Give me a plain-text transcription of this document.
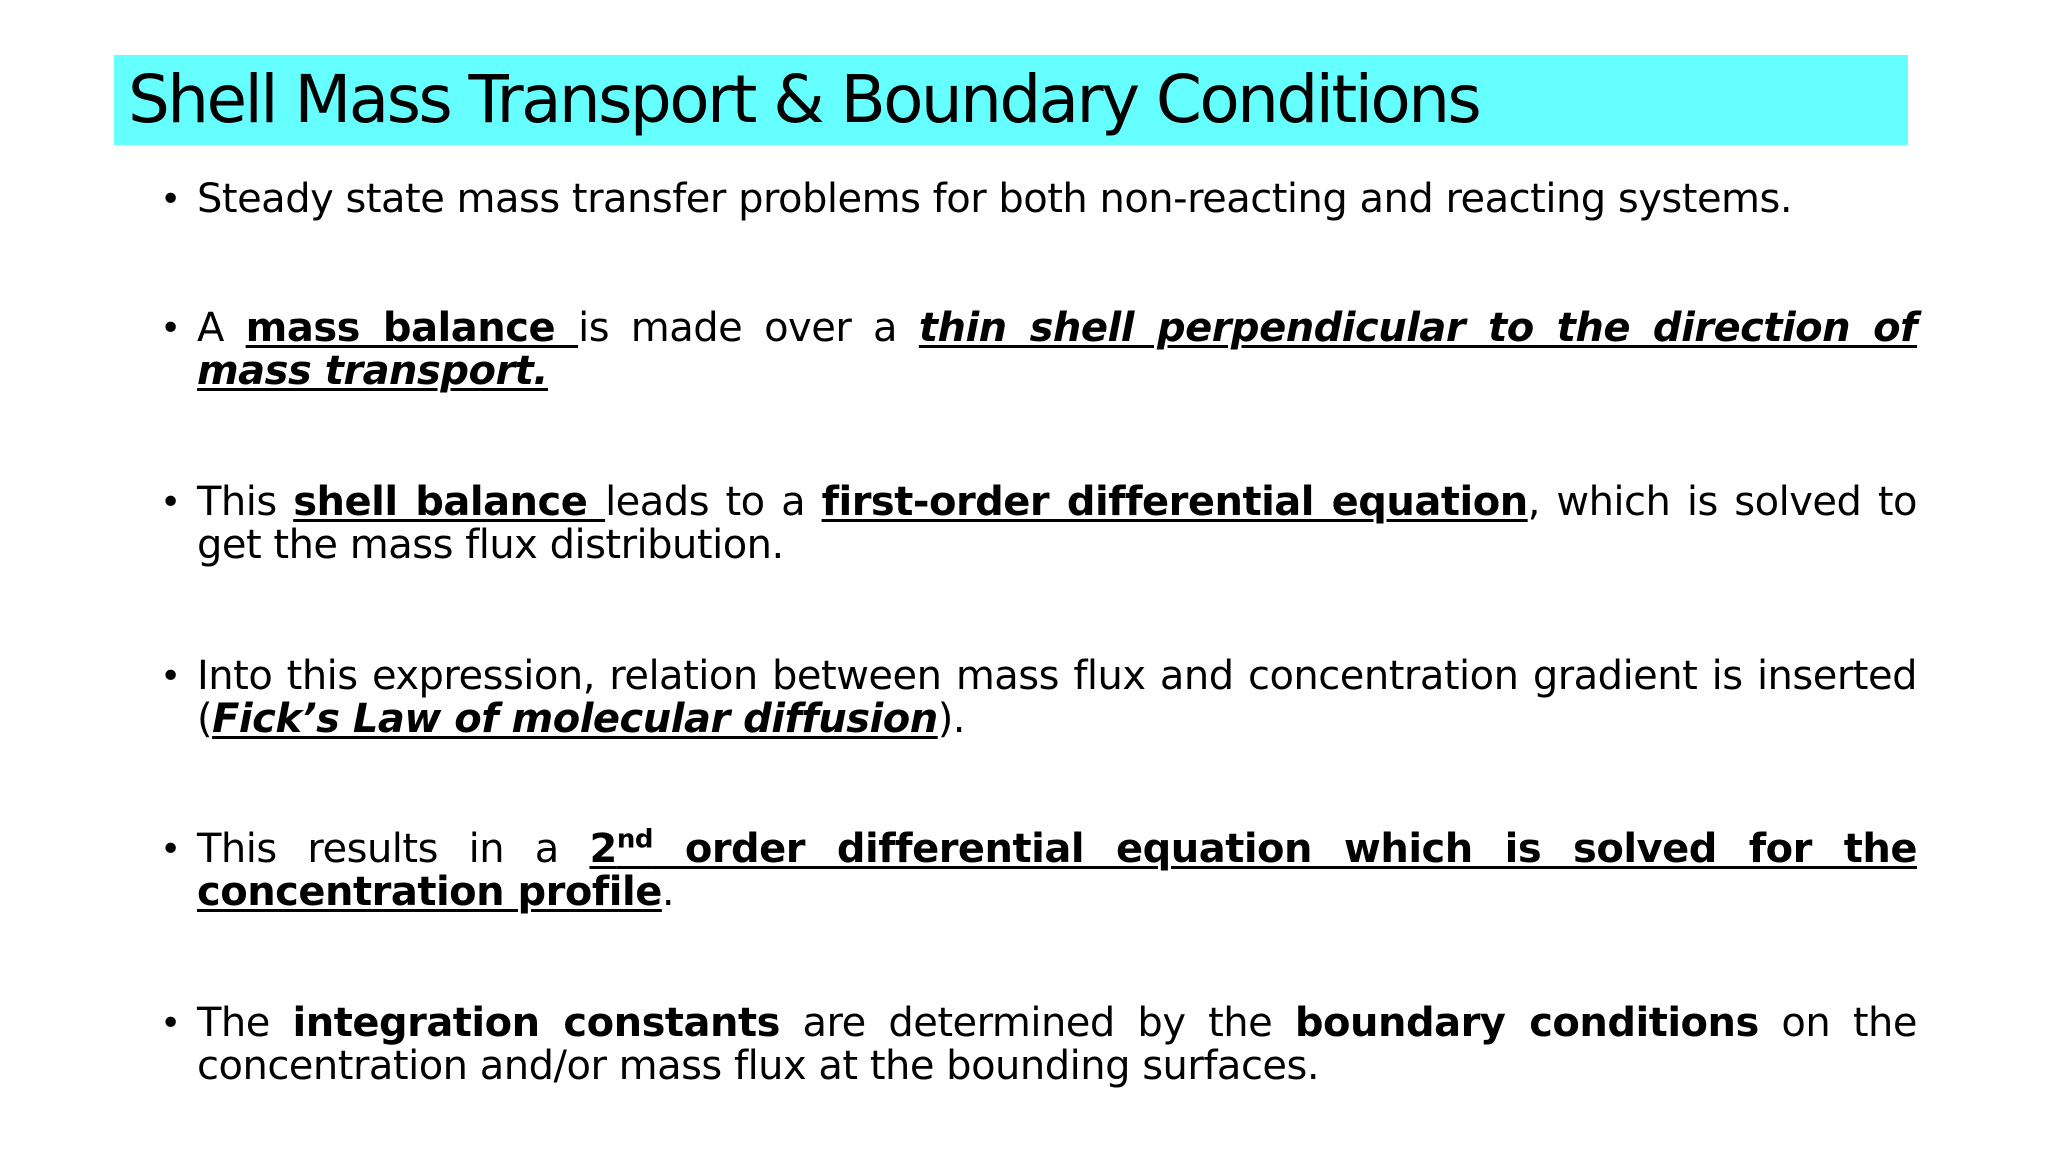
Shell Mass Transport & Boundary Conditions
• Steady state mass transfer problems for both non-reacting and reacting systems.
• A mass balance is made over a thin shell perpendicular to the direction of mass transport.
• This shell balance leads to a first-order differential equation, which is solved to get the mass flux distribution.
• Into this expression, relation between mass flux and concentration gradient is inserted (Fick’s Law of molecular diffusion).
• This results in a 2nd order differential equation which is solved for the concentration profile.
• The integration constants are determined by the boundary conditions on the concentration and/or mass flux at the bounding surfaces.
